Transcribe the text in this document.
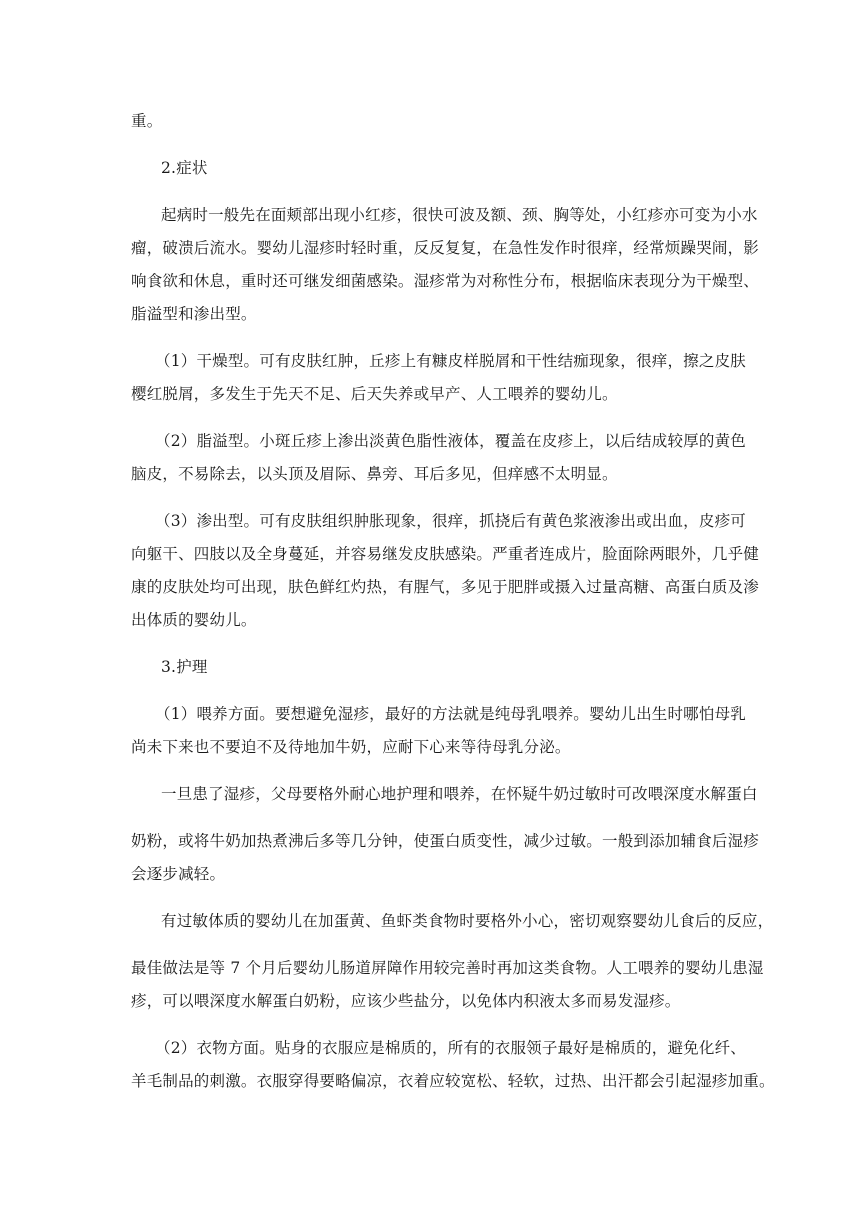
重。
2.症状
起病时一般先在面颊部出现小红疹，很快可波及额、颈、胸等处，小红疹亦可变为小水
瘤，破溃后流水。婴幼儿湿疹时轻时重，反反复复，在急性发作时很痒，经常烦躁哭闹，影
响食欲和休息，重时还可继发细菌感染。湿疹常为对称性分布，根据临床表现分为干燥型、
脂溢型和渗出型。
（1）干燥型。可有皮肤红肿，丘疹上有糠皮样脱屑和干性结痂现象，很痒，擦之皮肤
樱红脱屑，多发生于先天不足、后天失养或早产、人工喂养的婴幼儿。
（2）脂溢型。小斑丘疹上渗出淡黄色脂性液体，覆盖在皮疹上，以后结成较厚的黄色
脑皮，不易除去，以头顶及眉际、鼻旁、耳后多见，但痒感不太明显。
（3）渗出型。可有皮肤组织肿胀现象，很痒，抓挠后有黄色浆液渗出或出血，皮疹可
向躯干、四肢以及全身蔓延，并容易继发皮肤感染。严重者连成片，脸面除两眼外，几乎健
康的皮肤处均可出现，肤色鲜红灼热，有腥气，多见于肥胖或摄入过量高糖、高蛋白质及渗
出体质的婴幼儿。
3.护理
（1）喂养方面。要想避免湿疹，最好的方法就是纯母乳喂养。婴幼儿出生时哪怕母乳
尚未下来也不要迫不及待地加牛奶，应耐下心来等待母乳分泌。
一旦患了湿疹，父母要格外耐心地护理和喂养，在怀疑牛奶过敏时可改喂深度水解蛋白
奶粉，或将牛奶加热煮沸后多等几分钟，使蛋白质变性，减少过敏。一般到添加辅食后湿疹
会逐步减轻。
有过敏体质的婴幼儿在加蛋黄、鱼虾类食物时要格外小心，密切观察婴幼儿食后的反应，
最佳做法是等 7 个月后婴幼儿肠道屏障作用较完善时再加这类食物。人工喂养的婴幼儿患湿
疹，可以喂深度水解蛋白奶粉，应该少些盐分，以免体内积液太多而易发湿疹。
（2）衣物方面。贴身的衣服应是棉质的，所有的衣服领子最好是棉质的，避免化纤、
羊毛制品的刺激。衣服穿得要略偏凉，衣着应较宽松、轻软，过热、出汗都会引起湿疹加重。
